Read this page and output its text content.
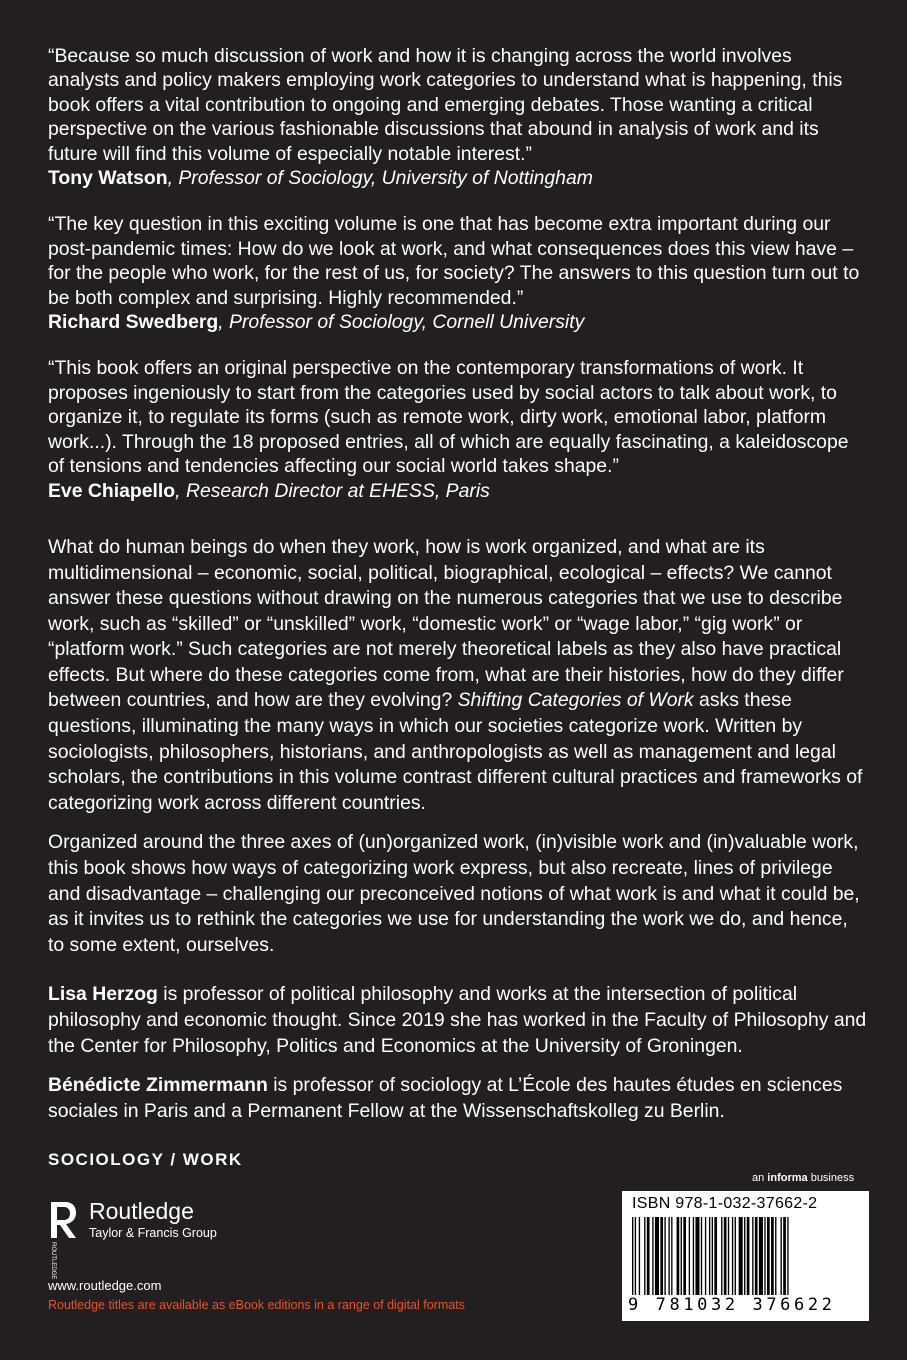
“Because so much discussion of work and how it is changing across the world involves analysts and policy makers employing work categories to understand what is happening, this book offers a vital contribution to ongoing and emerging debates. Those wanting a critical perspective on the various fashionable discussions that abound in analysis of work and its future will find this volume of especially notable interest.”

Tony Watson, Professor of Sociology, University of Nottingham

“The key question in this exciting volume is one that has become extra important during our post-pandemic times: How do we look at work, and what consequences does this view have – for the people who work, for the rest of us, for society? The answers to this question turn out to be both complex and surprising. Highly recommended.”

Richard Swedberg, Professor of Sociology, Cornell University

“This book offers an original perspective on the contemporary transformations of work. It proposes ingeniously to start from the categories used by social actors to talk about work, to organize it, to regulate its forms (such as remote work, dirty work, emotional labor, platform work...). Through the 18 proposed entries, all of which are equally fascinating, a kaleidoscope of tensions and tendencies affecting our social world takes shape.”

Eve Chiapello, Research Director at EHESS, Paris

What do human beings do when they work, how is work organized, and what are its multidimensional – economic, social, political, biographical, ecological – effects? We cannot answer these questions without drawing on the numerous categories that we use to describe work, such as “skilled” or “unskilled” work, “domestic work” or “wage labor,” “gig work” or “platform work.” Such categories are not merely theoretical labels as they also have practical effects. But where do these categories come from, what are their histories, how do they differ between countries, and how are they evolving? Shifting Categories of Work asks these questions, illuminating the many ways in which our societies categorize work. Written by sociologists, philosophers, historians, and anthropologists as well as management and legal scholars, the contributions in this volume contrast different cultural practices and frameworks of categorizing work across different countries.

Organized around the three axes of (un)organized work, (in)visible work and (in)valuable work, this book shows how ways of categorizing work express, but also recreate, lines of privilege and disadvantage – challenging our preconceived notions of what work is and what it could be, as it invites us to rethink the categories we use for understanding the work we do, and hence, to some extent, ourselves.

Lisa Herzog is professor of political philosophy and works at the intersection of political philosophy and economic thought. Since 2019 she has worked in the Faculty of Philosophy and the Center for Philosophy, Politics and Economics at the University of Groningen.

Bénédicte Zimmermann is professor of sociology at L’École des hautes études en sciences sociales in Paris and a Permanent Fellow at the Wissenschaftskolleg zu Berlin.

SOCIOLOGY / WORK
ROUTLEDGE
Routledge
Taylor & Francis Group
www.routledge.com
Routledge titles are available as eBook editions in a range of digital formats
an informa business
ISBN 978-1-032-37662-2
9 781032 376622
